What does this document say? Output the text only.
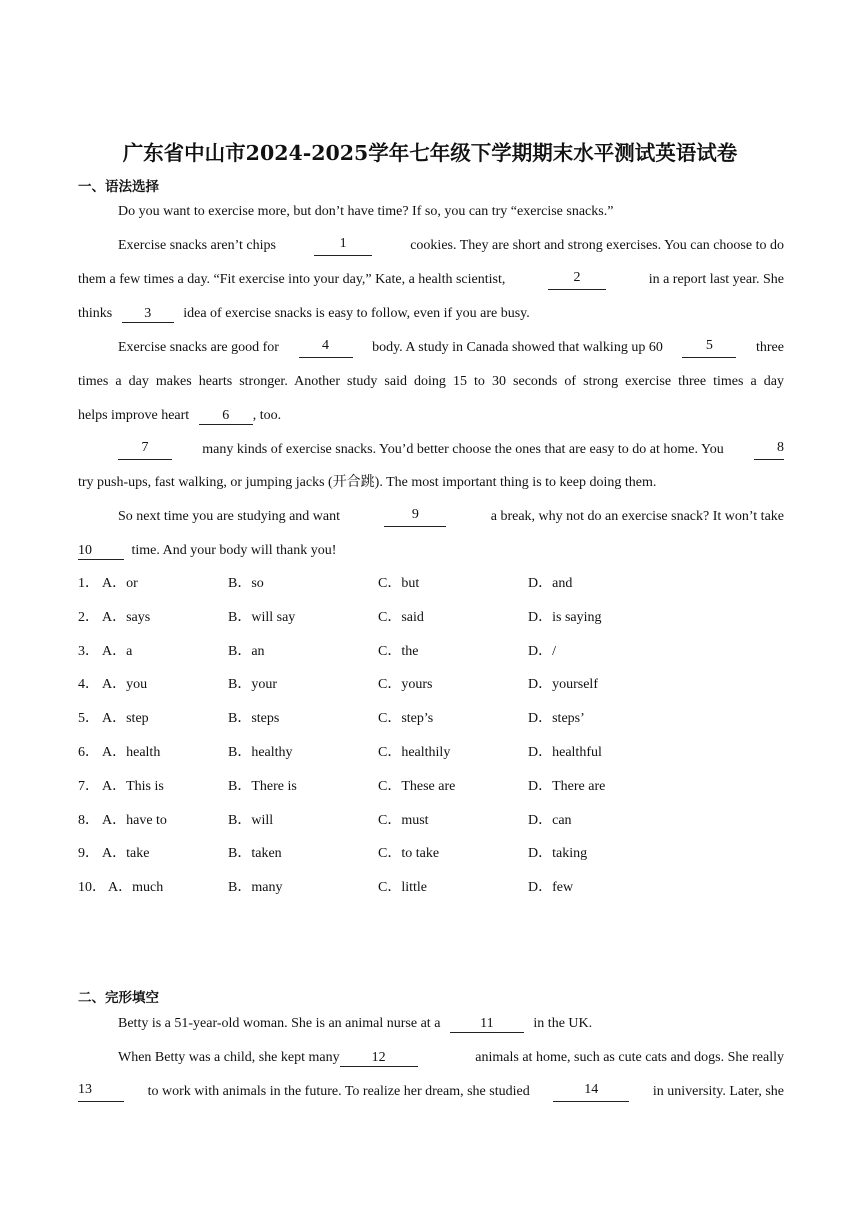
广东省中山市2024-2025学年七年级下学期期末水平测试英语试卷
一、语法选择
Do you want to exercise more, but don’t have time? If so, you can try “exercise snacks.”
Exercise snacks aren’t chips	1	cookies. They are short and strong exercises. You can choose to do
them a few times a day. “Fit exercise into your day,” Kate, a health scientist,	2	in a report last year. She
thinks 3 idea of exercise snacks is easy to follow, even if you are busy.
Exercise snacks are good for	4	body. A study in Canada showed that walking up 60	5	three
times a day makes hearts stronger. Another study said doing 15 to 30 seconds of strong exercise three times a day
helps improve heart 6 , too.
7	many kinds of exercise snacks. You’d better choose the ones that are easy to do at home. You	8
try push-ups, fast walking, or jumping jacks (开合跳). The most important thing is to keep doing them.
So next time you are studying and want	9	a break, why not do an exercise snack? It won’t take
10	time. And your body will thank you!
1． A．or	B．so	C．but	D．and
2． A．says	B．will say	C．said	D．is saying
3． A．a	B．an	C．the	D．/
4． A．you	B．your	C．yours	D．yourself
5． A．step	B．steps	C．step’s	D．steps’
6． A．health	B．healthy	C．healthily	D．healthful
7． A．This is	B．There is	C．These are	D．There are
8． A．have to	B．will	C．must	D．can
9． A．take	B．taken	C．to take	D．taking
10． A．much	B．many	C．little	D．few
二、完形填空
Betty is a 51-year-old woman. She is an animal nurse at a	11	in the UK.
When Betty was a child, she kept many 12	animals at home, such as cute cats and dogs. She really
13	to work with animals in the future. To realize her dream, she studied	14	in university. Later, she
